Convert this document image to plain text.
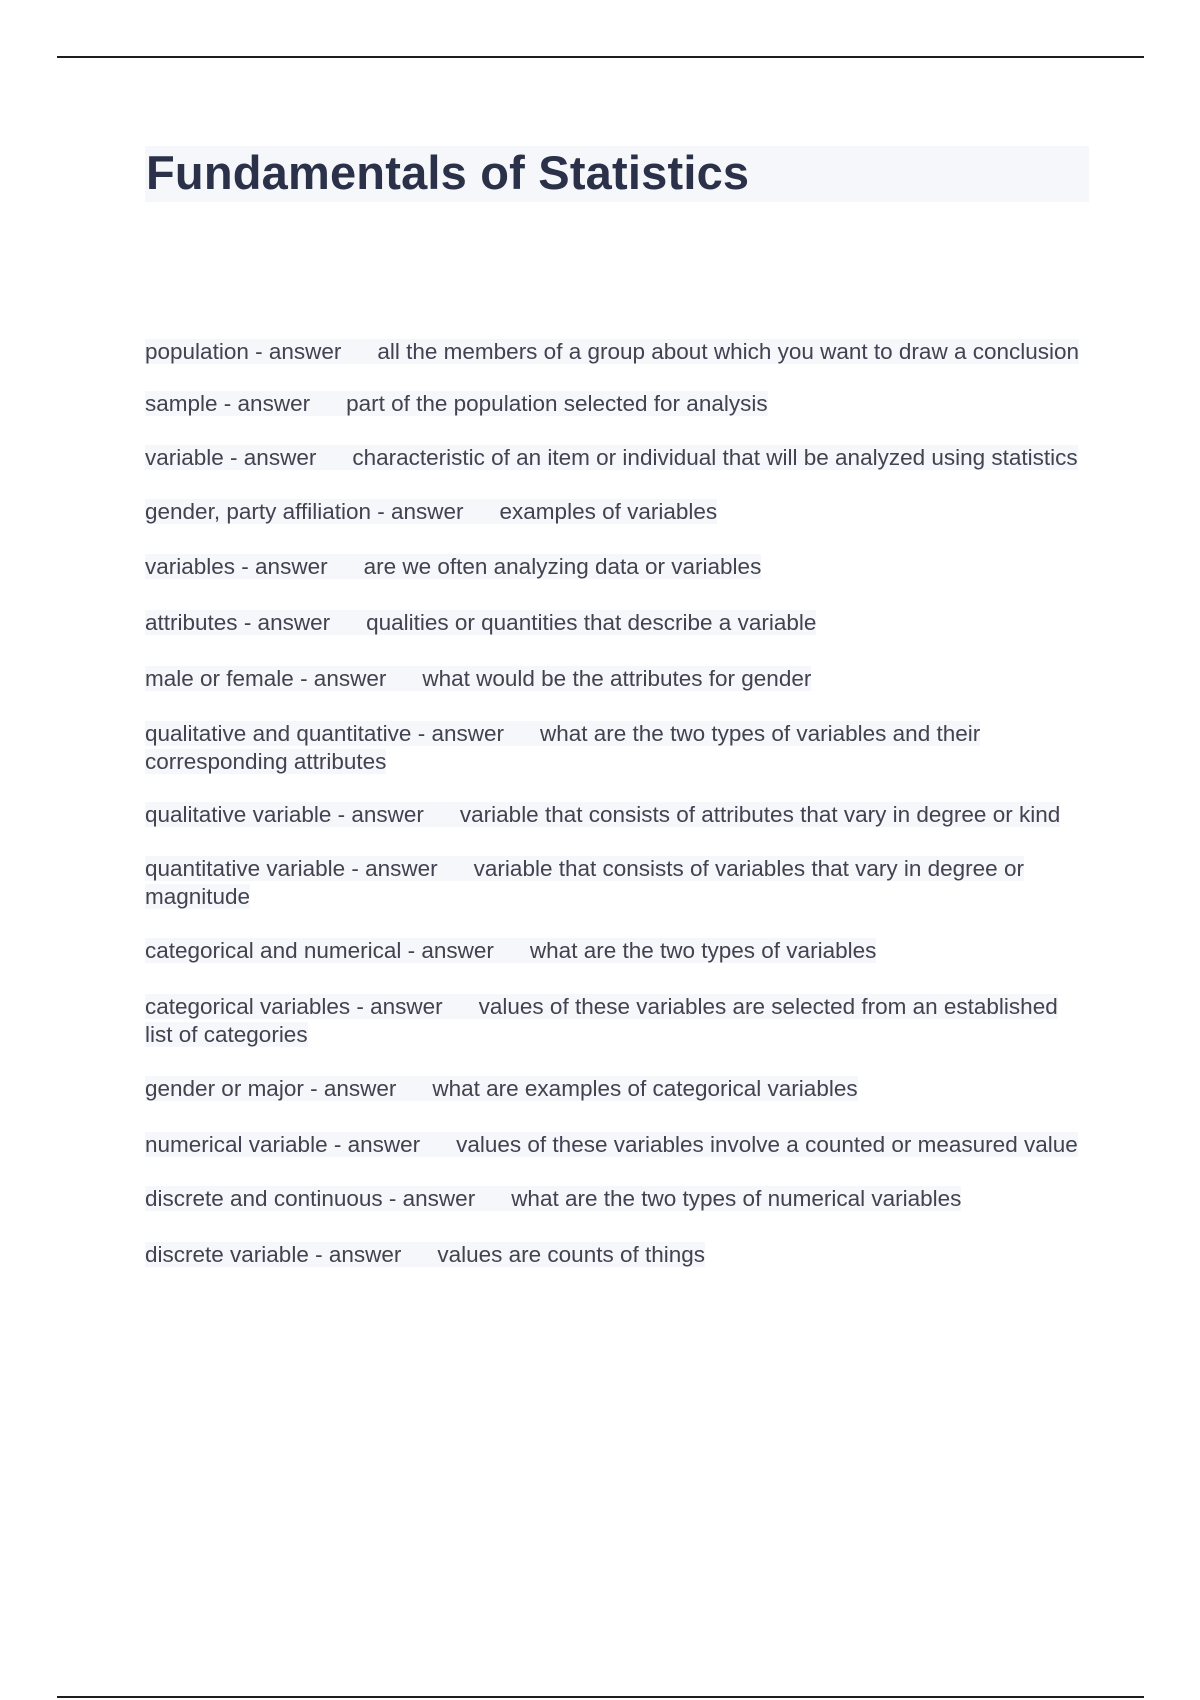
Fundamentals of Statistics
population - answer all the members of a group about which you want to draw a conclusion
sample - answer part of the population selected for analysis
variable - answer characteristic of an item or individual that will be analyzed using statistics
gender, party affiliation - answer examples of variables
variables - answer are we often analyzing data or variables
attributes - answer qualities or quantities that describe a variable
male or female - answer what would be the attributes for gender
qualitative and quantitative - answer what are the two types of variables and their corresponding attributes
qualitative variable - answer variable that consists of attributes that vary in degree or kind
quantitative variable - answer variable that consists of variables that vary in degree or magnitude
categorical and numerical - answer what are the two types of variables
categorical variables - answer values of these variables are selected from an established list of categories
gender or major - answer what are examples of categorical variables
numerical variable - answer values of these variables involve a counted or measured value
discrete and continuous - answer what are the two types of numerical variables
discrete variable - answer values are counts of things
